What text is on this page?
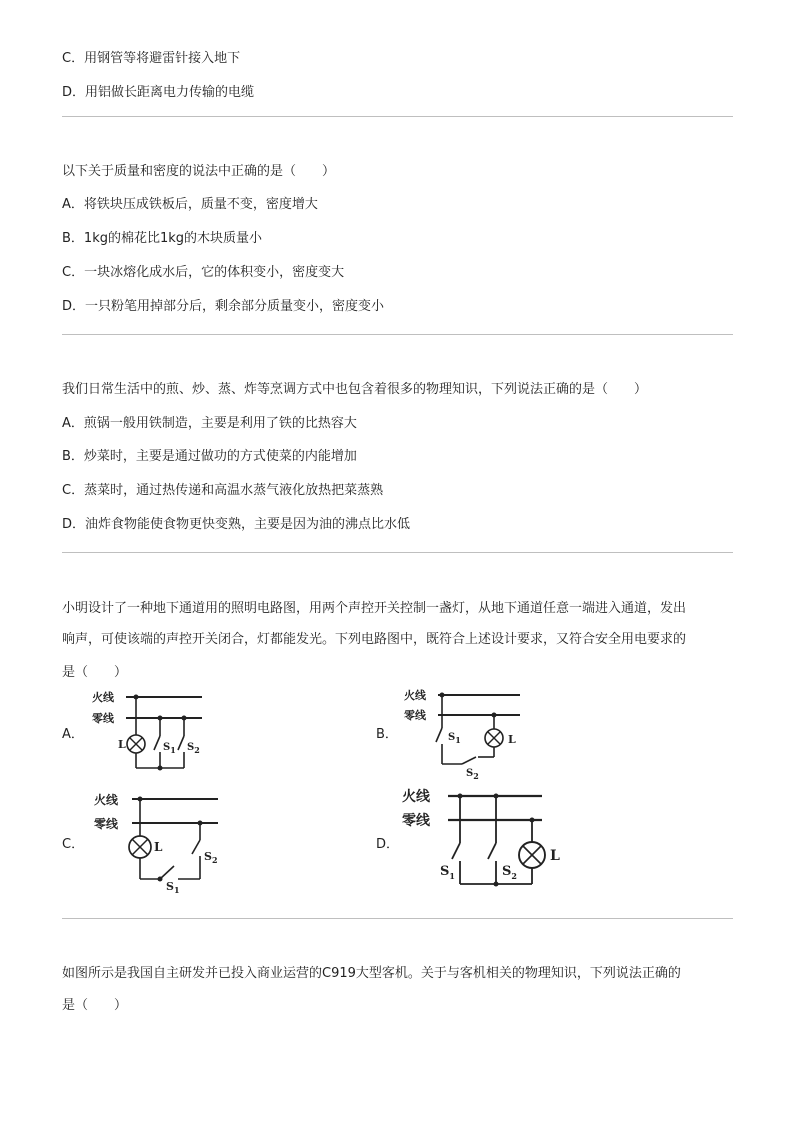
C．用钢管等将避雷针接入地下
D．用铝做长距离电力传输的电缆
以下关于质量和密度的说法中正确的是（　　）
A．将铁块压成铁板后，质量不变，密度增大
B．1kg的棉花比1kg的木块质量小
C．一块冰熔化成水后，它的体积变小，密度变大
D．一只粉笔用掉部分后，剩余部分质量变小，密度变小
我们日常生活中的煎、炒、蒸、炸等烹调方式中也包含着很多的物理知识，下列说法正确的是（　　）
A．煎锅一般用铁制造，主要是利用了铁的比热容大
B．炒菜时，主要是通过做功的方式使菜的内能增加
C．蒸菜时，通过热传递和高温水蒸气液化放热把菜蒸熟
D．油炸食物能使食物更快变熟，主要是因为油的沸点比水低
小明设计了一种地下通道用的照明电路图，用两个声控开关控制一盏灯，从地下通道任意一端进入通道，发出
响声，可使该端的声控开关闭合，灯都能发光。下列电路图中，既符合上述设计要求，又符合安全用电要求的
是（　　）
A．	B．
C．	D．
火线
零线
L	$S_1$ $S_2$
火线
零线
$S_1$
$S_2$
L
火线
零线
L
$S_1$
$S_2$
火线
零线
$S_1$	$S_2$
L
如图所示是我国自主研发并已投入商业运营的C919大型客机。关于与客机相关的物理知识，下列说法正确的
是（　　）
